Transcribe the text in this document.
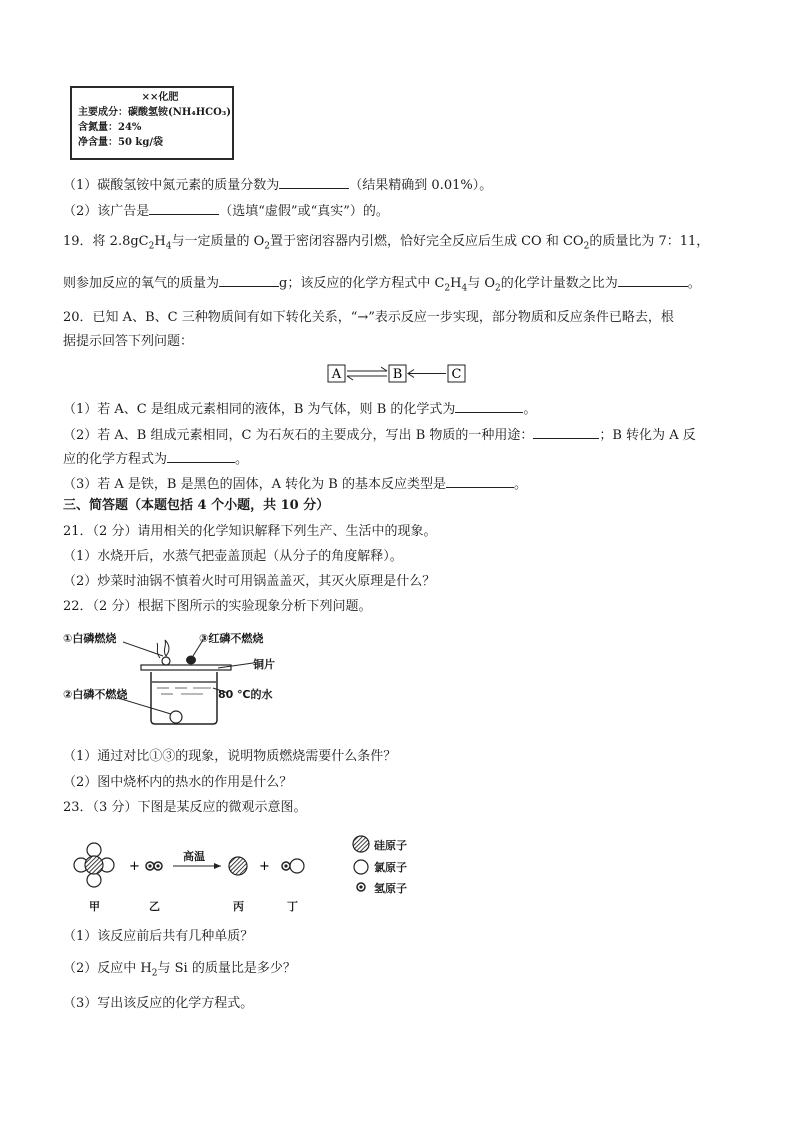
××化肥
主要成分：碳酸氢铵(NH₄HCO₃)
含氮量：24%
净含量：50 kg/袋
（1）碳酸氢铵中氮元素的质量分数为	（结果精确到 0.01%）。
（2）该广告是	（选填“虚假”或“真实”）的。
19．将 $2.8gC_2H_4$与一定质量的 $O_2$置于密闭容器内引燃，恰好完全反应后生成 CO 和 $CO_2$的质量比为 7：11，
则参加反应的氧气的质量为	g；该反应的化学方程式中 $C_2H_4$与 $O_2$的化学计量数之比为	。
20．已知 A、B、C 三种物质间有如下转化关系，“→”表示反应一步实现，部分物质和反应条件已略去，根
据提示回答下列问题：
A	B	C
（1）若 A、C 是组成元素相同的液体，B 为气体，则 B 的化学式为	。
（2）若 A、B 组成元素相同，C 为石灰石的主要成分，写出 B 物质的一种用途：	；B 转化为 A 反
应的化学方程式为	。
（3）若 A 是铁，B 是黑色的固体，A 转化为 B 的基本反应类型是	。
三、简答题（本题包括 4 个小题，共 10 分）
21．（2 分）请用相关的化学知识解释下列生产、生活中的现象。
（1）水烧开后，水蒸气把壶盖顶起（从分子的角度解释）。
（2）炒菜时油锅不慎着火时可用锅盖盖灭，其灭火原理是什么？
22．（2 分）根据下图所示的实验现象分析下列问题。
①白磷燃烧	③红磷不燃烧
铜片
②白磷不燃烧	80 ℃的水
（1）通过对比①③的现象，说明物质燃烧需要什么条件？
（2）图中烧杯内的热水的作用是什么？
23．（3 分）下图是某反应的微观示意图。
+	+
高温
甲	乙	丙	丁
硅原子
氯原子
氢原子
（1）该反应前后共有几种单质？
（2）反应中 $H_2$与 Si 的质量比是多少？
（3）写出该反应的化学方程式。
